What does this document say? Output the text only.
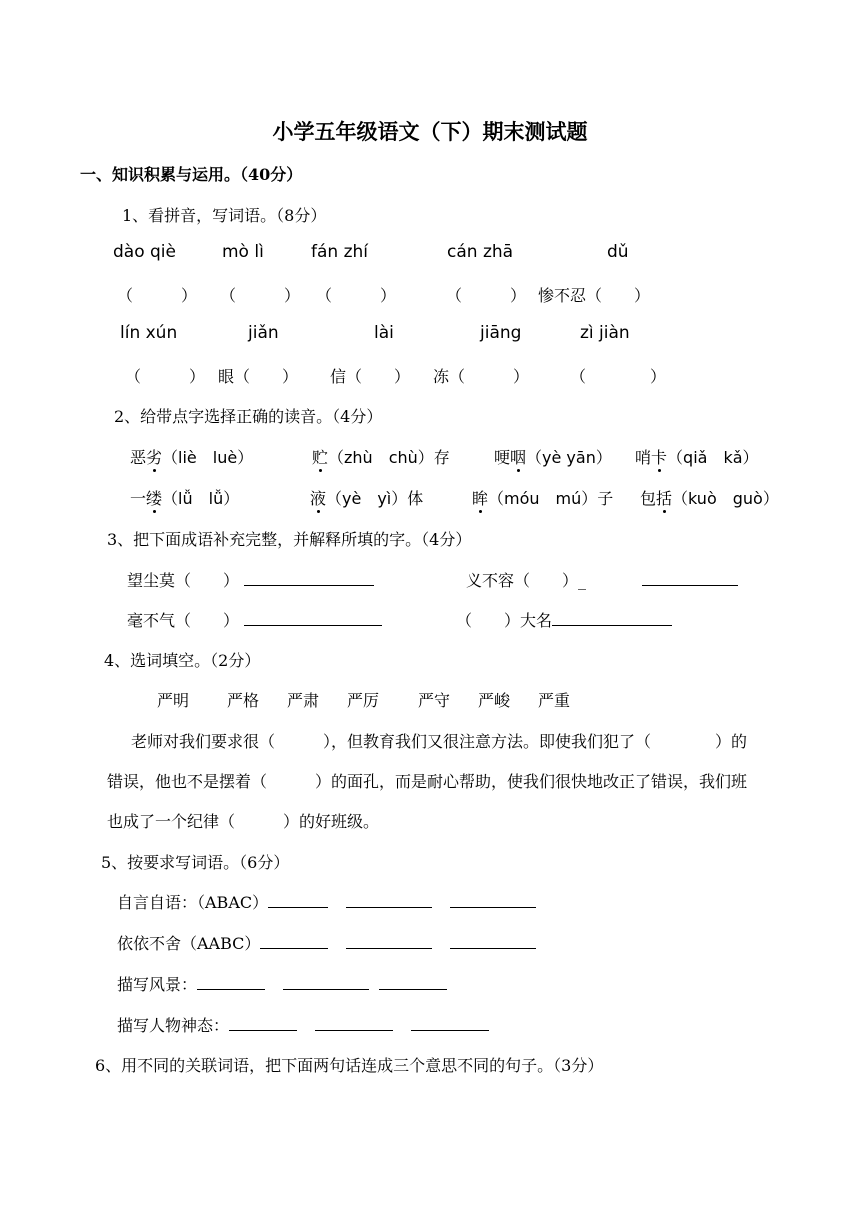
小学五年级语文（下）期末测试题
一、知识积累与运用。（40分）
1、看拼音，写词语。（8分）
dào qiè	mò lì	fán zhí	cán zhā	dǔ
（　　　） （　　　） （　　　）	（　　　） 惨不忍（　　）
lín xún	jiǎn	lài	jiāng	zì jiàn
（　　　） 眼（　　） 信（　　） 冻（　　　）	（　　　　）
2、给带点字选择正确的读音。（4分）
恶劣（liè　luè）	贮（zhù　chù）存	哽咽（yè yān） 哨卡（qiǎ　kǎ）
一缕（lǚ　lǚ）	液（yè　yì）体	眸（móu　mú）子 包括（kuò　guò）
3、把下面成语补充完整，并解释所填的字。（4分）
望尘莫（　　）	义不容（　　）_
毫不气（　　）	（　　）大名
4、选词填空。（2分）
严明 严格 严肃 严厉 严守 严峻 严重
老师对我们要求很（　　　），但教育我们又很注意方法。即使我们犯了（　　　　）的
错误，他也不是摆着（　　　）的面孔，而是耐心帮助，使我们很快地改正了错误，我们班
也成了一个纪律（　　　）的好班级。
5、按要求写词语。（6分）
自言自语：（ABAC）
依依不舍（AABC）
描写风景：
描写人物神态：
6、用不同的关联词语，把下面两句话连成三个意思不同的句子。（3分）
